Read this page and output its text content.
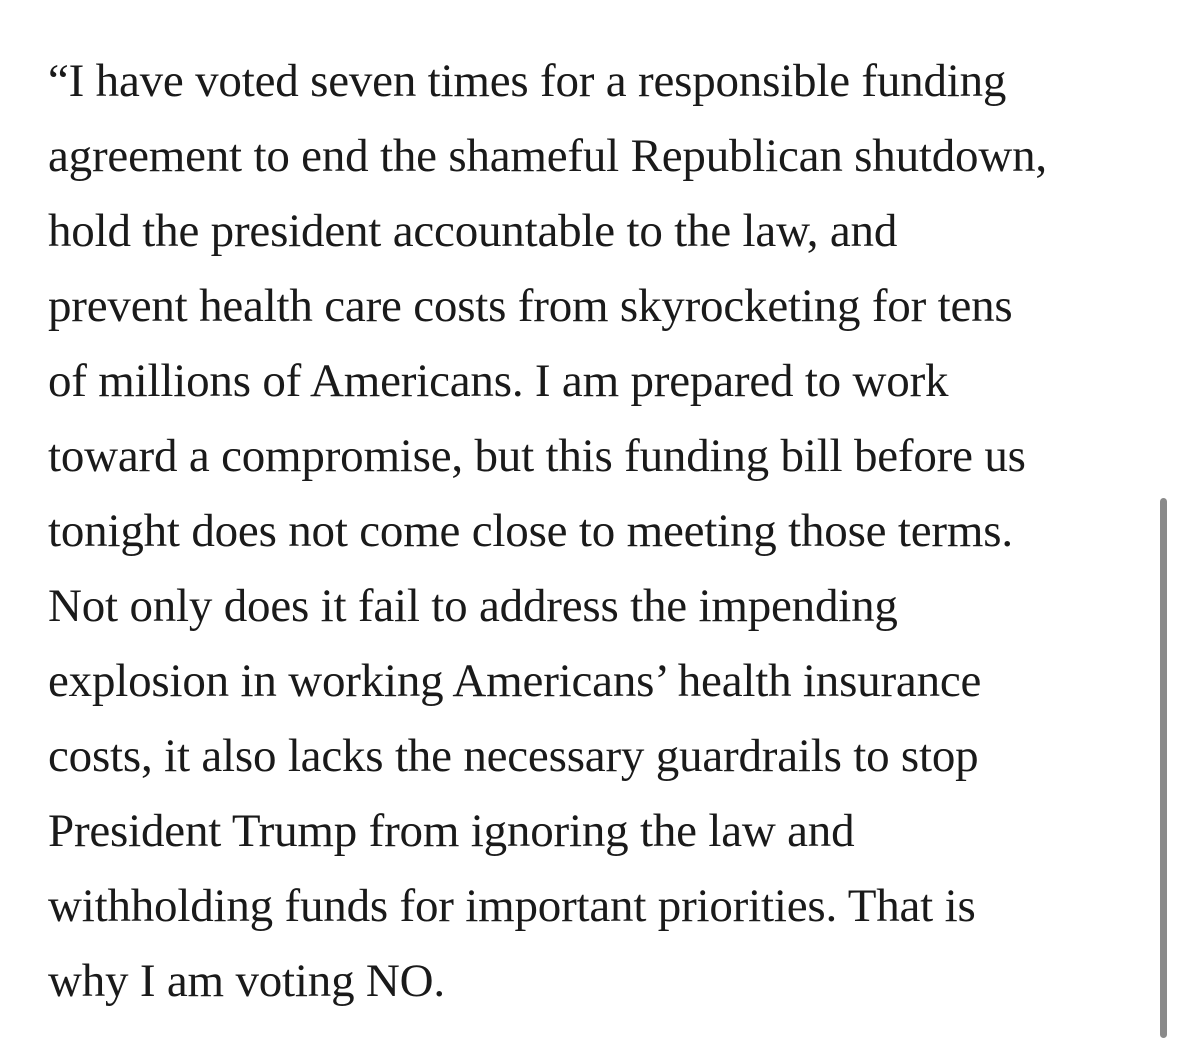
“I have voted seven times for a responsible funding
agreement to end the shameful Republican shutdown,
hold the president accountable to the law, and
prevent health care costs from skyrocketing for tens
of millions of Americans. I am prepared to work
toward a compromise, but this funding bill before us
tonight does not come close to meeting those terms.
Not only does it fail to address the impending
explosion in working Americans’ health insurance
costs, it also lacks the necessary guardrails to stop
President Trump from ignoring the law and
withholding funds for important priorities. That is
why I am voting NO.
